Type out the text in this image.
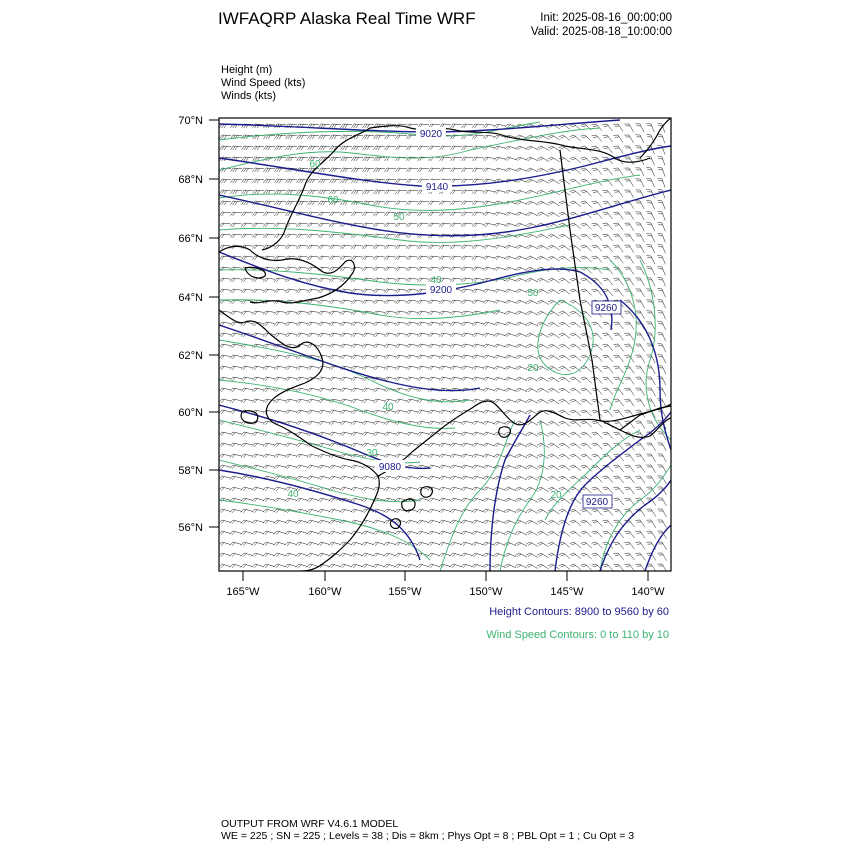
IWFAQRP Alaska Real Time WRF	Init: 2025-08-16_00:00:00
Valid: 2025-08-18_10:00:00
Height (m)
Wind Speed (kts)
Winds (kts)
70°N
68°N
66°N
64°N
62°N
60°N
58°N
56°N
165°W	160°W	155°W	150°W	145°W	140°W
9020
9140
9200
9260
9260
9080
60
60
50
40
50
20
40
30
40	20
Height Contours: 8900 to 9560 by 60
Wind Speed Contours: 0 to 110 by 10
OUTPUT FROM WRF V4.6.1 MODEL
WE = 225 ; SN = 225 ; Levels = 38 ; Dis = 8km ; Phys Opt = 8 ; PBL Opt = 1 ; Cu Opt = 3
